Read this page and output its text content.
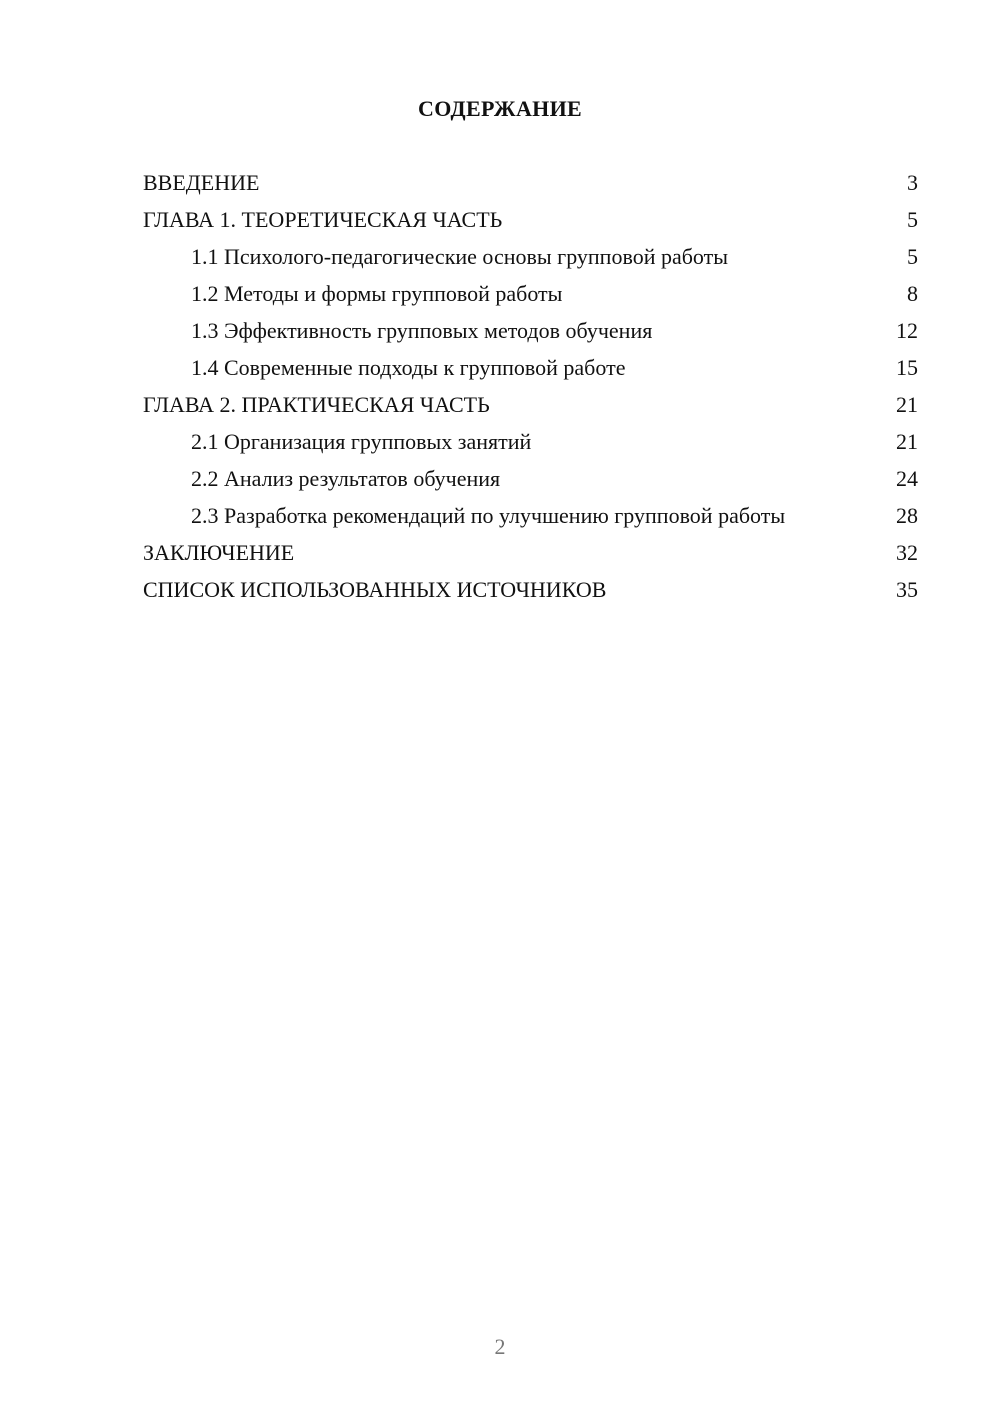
СОДЕРЖАНИЕ
ВВЕДЕНИЕ	3
ГЛАВА 1. ТЕОРЕТИЧЕСКАЯ ЧАСТЬ	5
1.1 Психолого-педагогические основы групповой работы	5
1.2 Методы и формы групповой работы	8
1.3 Эффективность групповых методов обучения	12
1.4 Современные подходы к групповой работе	15
ГЛАВА 2. ПРАКТИЧЕСКАЯ ЧАСТЬ	21
2.1 Организация групповых занятий	21
2.2 Анализ результатов обучения	24
2.3 Разработка рекомендаций по улучшению групповой работы	28
ЗАКЛЮЧЕНИЕ	32
СПИСОК ИСПОЛЬЗОВАННЫХ ИСТОЧНИКОВ	35
2
